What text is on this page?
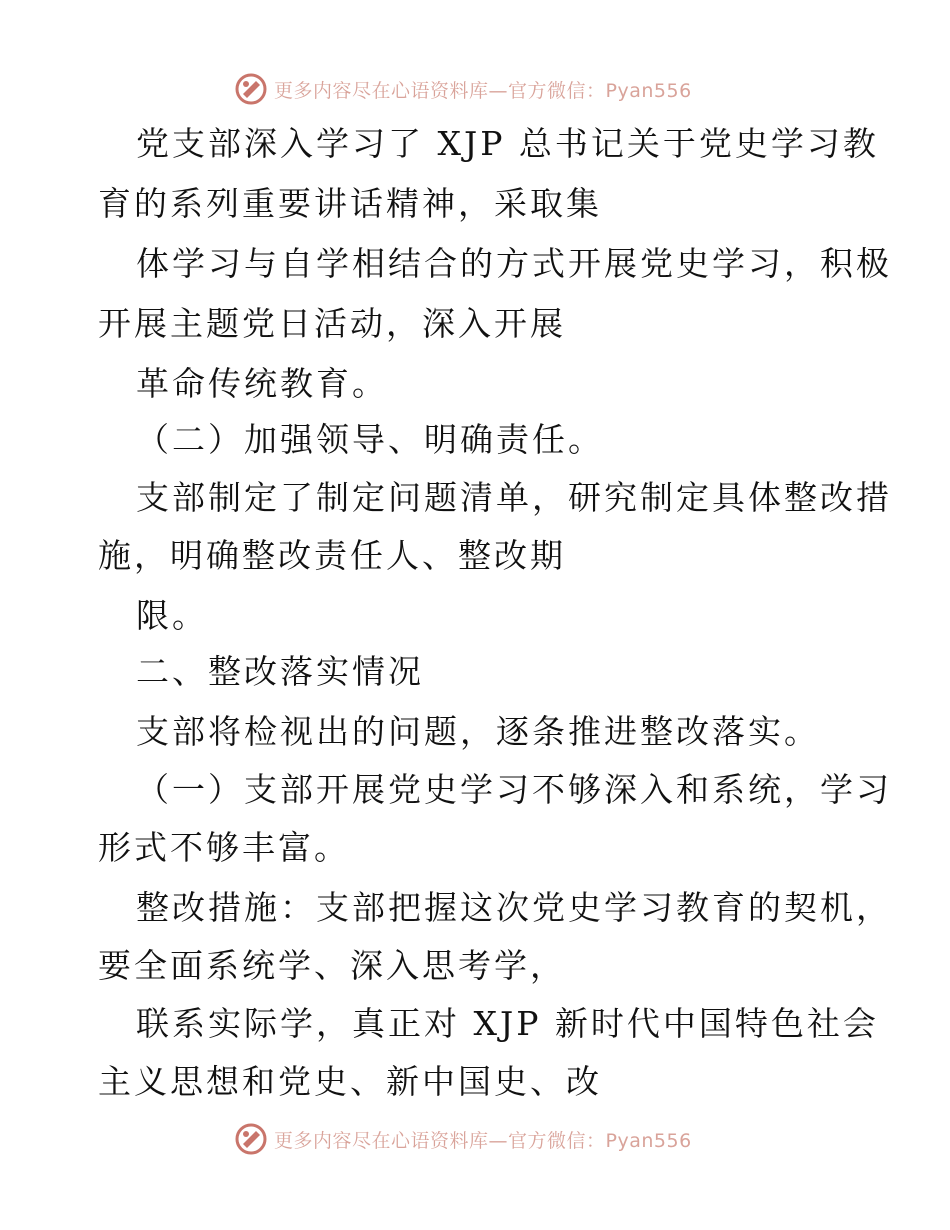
更多内容尽在心语资料库—官方微信：Pyan556
党支部深入学习了 XJP 总书记关于党史学习教
育的系列重要讲话精神，采取集
体学习与自学相结合的方式开展党史学习，积极
开展主题党日活动，深入开展
革命传统教育。
（二）加强领导、明确责任。
支部制定了制定问题清单，研究制定具体整改措
施，明确整改责任人、整改期
限。
二、整改落实情况
支部将检视出的问题，逐条推进整改落实。
（一）支部开展党史学习不够深入和系统，学习
形式不够丰富。
整改措施：支部把握这次党史学习教育的契机，
要全面系统学、深入思考学，
联系实际学，真正对 XJP 新时代中国特色社会
主义思想和党史、新中国史、改
更多内容尽在心语资料库—官方微信：Pyan556
